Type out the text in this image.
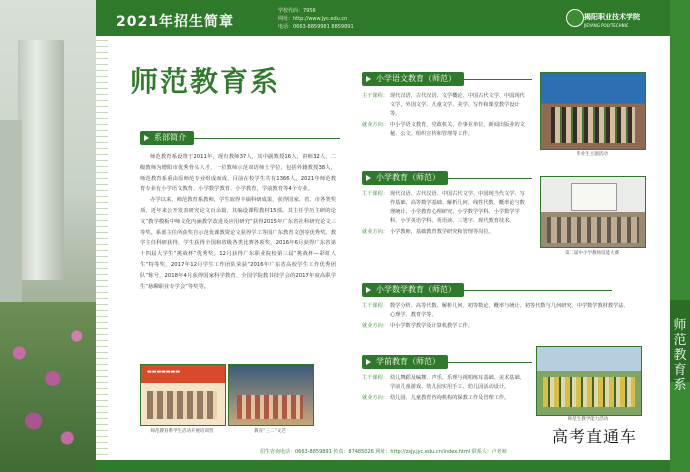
2021年招生简章
学校代码：7956
网址：http://www.jyc.edu.cn
电话：0663-8859981 8859891
揭阳职业技术学院
JIEYANG POLYTECHNIC
师范教育系
师范教育系
系部简介

师范教育系设置于2011年，现有教师37人，其中副教授16人，讲师32人，二级教师为增阳市优秀骨头人才，一位教师示范双语师士学位，包括外籍教授38人，师范教育系重由原师范专业组成而成，目前在校学生共有1366人。2021年师范教育专业有小学语文教育、小学数学教育、小学教育，学前教育等4个专业。

办学以来，师范教育系教师，学生取得丰硕科研成果，获得国家、省、市各类奖项，近年来公开发表研究论文百余篇，其编设课程教材15部。其主任学历主研的论文“教学模板中师文化内涵教学改进及应用研究”获得2015年广东省社科研究论文三等奖。系部主任所获奖自示范优课教资论文获得学工等国广东教育文创等优秀奖。教学主任科研获得，学生获得全国和省级各类比赛各项奖，2016年6月获得广东省第十四届大学生“挑战杯”优秀奖。12月获得广东职业院校第三届“挑战杯—彩虹人生”特等奖，2017年12月学生工作团队荣获“2016年广东省高校学生工作优秀团队”称号，2018年4月获得国家科学教育、全国学院教书技学会的2017年度高职学生“悬聊职业专学会”等奖等。

▬▬▬▬▬▬▬
师范教育系学生活动开展培训营	教育“三二”文艺
小学语文教育（师范）
主干课程： 现代汉语、古代汉语、文学概论、中国古代文学、中国现代文学、外国文学、儿童文学、美学、写作和课堂教学设计等。
就业方向： 中小学语文教育，党政机关、企事业单位，新闻出版业的文秘、公文、组织宣传和管理等工作。
毕业生主题活动
小学教育（师范）
主干课程： 现代汉语、古代汉语、中国古代文学、中国现当代文学、写作基础、高等数学基础、解析几何、线性代数、概率论与数理统计、小学教育心理研究、小学数学学科、小学数学学科、小学英语学科、英语读、三笔字、现代教育技术。
就业方向： 小学教师，基础教育教学研究和管理等岗位。
第二届中小学教师技能大赛
小学数学教育（师范）
主干课程： 数学分析、高等代数、解析几何、初等数论、概率与统计、初等代数与几何研究、中学数学教材教学法、心理学、教育学等。
就业方向： 中小学数学教学及计算机教学工作。
学前教育（师范）
主干课程： 幼儿舞蹈及编舞、声乐、乐理与视唱练耳基础、美术基础、学前儿童游戏、幼儿园实用手工、幼儿园活动设计。
就业方向： 幼儿园、儿童教育咨询机构的保教工作及管理工作。
师范生教学能力活动
招生咨询电话：0663-8859891 传真：87485026 网址：http://zsjy.jyc.edu.cn/index.html 联系人：卢老师
高考直通车
